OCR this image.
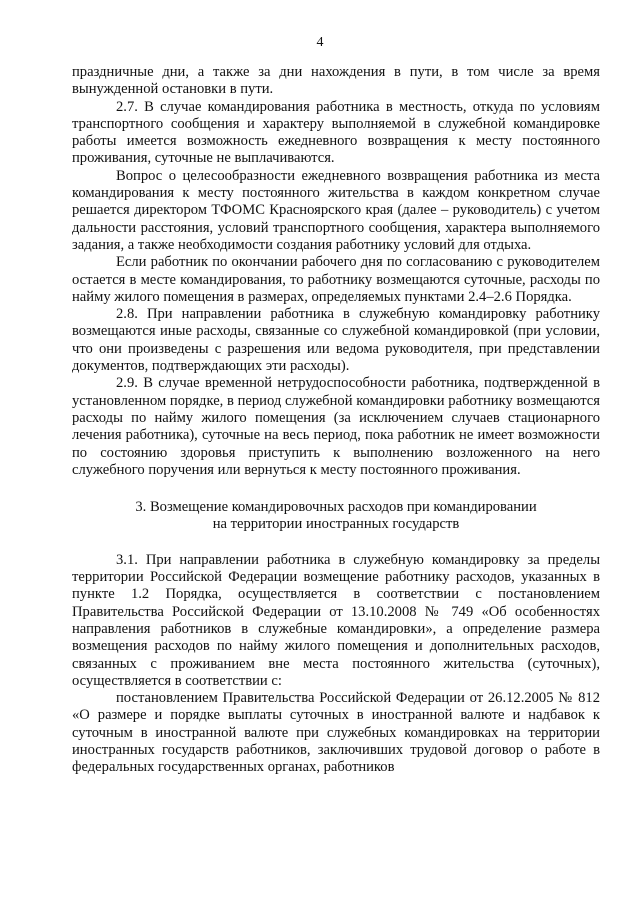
4

праздничные дни, а также за дни нахождения в пути, в том числе за время вынужденной остановки в пути.

2.7. В случае командирования работника в местность, откуда по условиям транспортного сообщения и характеру выполняемой в служебной командировке работы имеется возможность ежедневного возвращения к месту постоянного проживания, суточные не выплачиваются.

Вопрос о целесообразности ежедневного возвращения работника из места командирования к месту постоянного жительства в каждом конкретном случае решается директором ТФОМС Красноярского края (далее – руководитель) с учетом дальности расстояния, условий транспортного сообщения, характера выполняемого задания, а также необходимости создания работнику условий для отдыха.

Если работник по окончании рабочего дня по согласованию с руководителем остается в месте командирования, то работнику возмещаются суточные, расходы по найму жилого помещения в размерах, определяемых пунктами 2.4–2.6 Порядка.

2.8. При направлении работника в служебную командировку работнику возмещаются иные расходы, связанные со служебной командировкой (при условии, что они произведены с разрешения или ведома руководителя, при представлении документов, подтверждающих эти расходы).

2.9. В случае временной нетрудоспособности работника, подтвержденной в установленном порядке, в период служебной командировки работнику возмещаются расходы по найму жилого помещения (за исключением случаев стационарного лечения работника), суточные на весь период, пока работник не имеет возможности по состоянию здоровья приступить к выполнению возложенного на него служебного поручения или вернуться к месту постоянного проживания.

3. Возмещение командировочных расходов при командировании
на территории иностранных государств

3.1. При направлении работника в служебную командировку за пределы территории Российской Федерации возмещение работнику расходов, указанных в пункте 1.2 Порядка, осуществляется в соответствии с постановлением Правительства Российской Федерации от 13.10.2008 № 749 «Об особенностях направления работников в служебные командировки», а определение размера возмещения расходов по найму жилого помещения и дополнительных расходов, связанных с проживанием вне места постоянного жительства (суточных), осуществляется в соответствии с:

постановлением Правительства Российской Федерации от 26.12.2005 № 812 «О размере и порядке выплаты суточных в иностранной валюте и надбавок к суточным в иностранной валюте при служебных командировках на территории иностранных государств работников, заключивших трудовой договор о работе в федеральных государственных органах, работников
